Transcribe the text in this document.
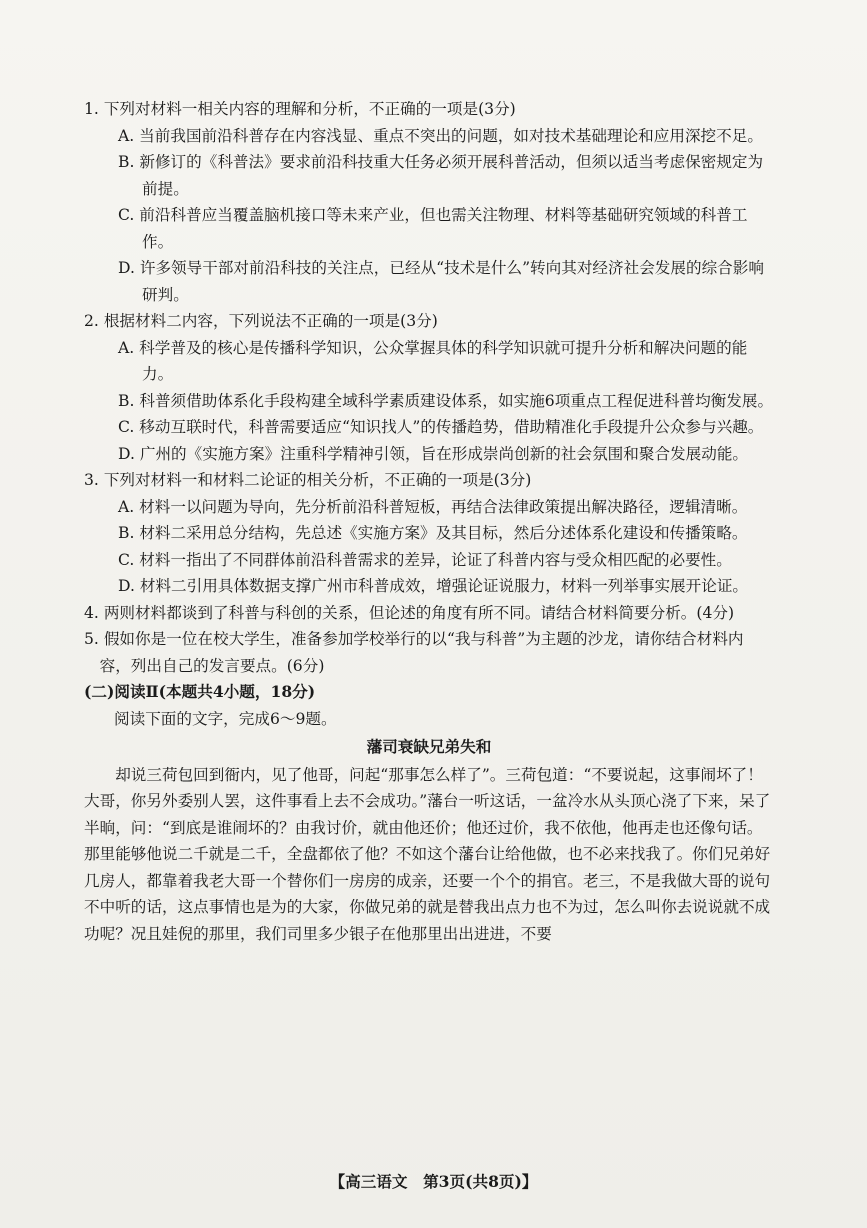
1. 下列对材料一相关内容的理解和分析，不正确的一项是(3分)

A. 当前我国前沿科普存在内容浅显、重点不突出的问题，如对技术基础理论和应用深挖不足。

B. 新修订的《科普法》要求前沿科技重大任务必须开展科普活动，但须以适当考虑保密规定为前提。

C. 前沿科普应当覆盖脑机接口等未来产业，但也需关注物理、材料等基础研究领域的科普工作。

D. 许多领导干部对前沿科技的关注点，已经从“技术是什么”转向其对经济社会发展的综合影响研判。

2. 根据材料二内容，下列说法不正确的一项是(3分)

A. 科学普及的核心是传播科学知识，公众掌握具体的科学知识就可提升分析和解决问题的能力。

B. 科普须借助体系化手段构建全域科学素质建设体系，如实施6项重点工程促进科普均衡发展。

C. 移动互联时代，科普需要适应“知识找人”的传播趋势，借助精准化手段提升公众参与兴趣。

D. 广州的《实施方案》注重科学精神引领，旨在形成崇尚创新的社会氛围和聚合发展动能。

3. 下列对材料一和材料二论证的相关分析，不正确的一项是(3分)

A. 材料一以问题为导向，先分析前沿科普短板，再结合法律政策提出解决路径，逻辑清晰。

B. 材料二采用总分结构，先总述《实施方案》及其目标，然后分述体系化建设和传播策略。

C. 材料一指出了不同群体前沿科普需求的差异，论证了科普内容与受众相匹配的必要性。

D. 材料二引用具体数据支撑广州市科普成效，增强论证说服力，材料一列举事实展开论证。

4. 两则材料都谈到了科普与科创的关系，但论述的角度有所不同。请结合材料简要分析。(4分)

5. 假如你是一位在校大学生，准备参加学校举行的以“我与科普”为主题的沙龙，请你结合材料内容，列出自己的发言要点。(6分)

(二)阅读Ⅱ(本题共4小题，18分)

阅读下面的文字，完成6～9题。

藩司衰缺兄弟失和

却说三荷包回到衙内，见了他哥，问起“那事怎么样了”。三荷包道：“不要说起，这事闹坏了！大哥，你另外委别人罢，这件事看上去不会成功。”藩台一听这话，一盆冷水从头顶心浇了下来，呆了半晌，问：“到底是谁闹坏的？由我讨价，就由他还价；他还过价，我不依他，他再走也还像句话。那里能够他说二千就是二千，全盘都依了他？不如这个藩台让给他做，也不必来找我了。你们兄弟好几房人，都靠着我老大哥一个替你们一房房的成亲，还要一个个的捐官。老三，不是我做大哥的说句不中听的话，这点事情也是为的大家，你做兄弟的就是替我出点力也不为过，怎么叫你去说说就不成功呢？况且娃倪的那里，我们司里多少银子在他那里出出进进，不要

【高三语文　第3页(共8页)】
